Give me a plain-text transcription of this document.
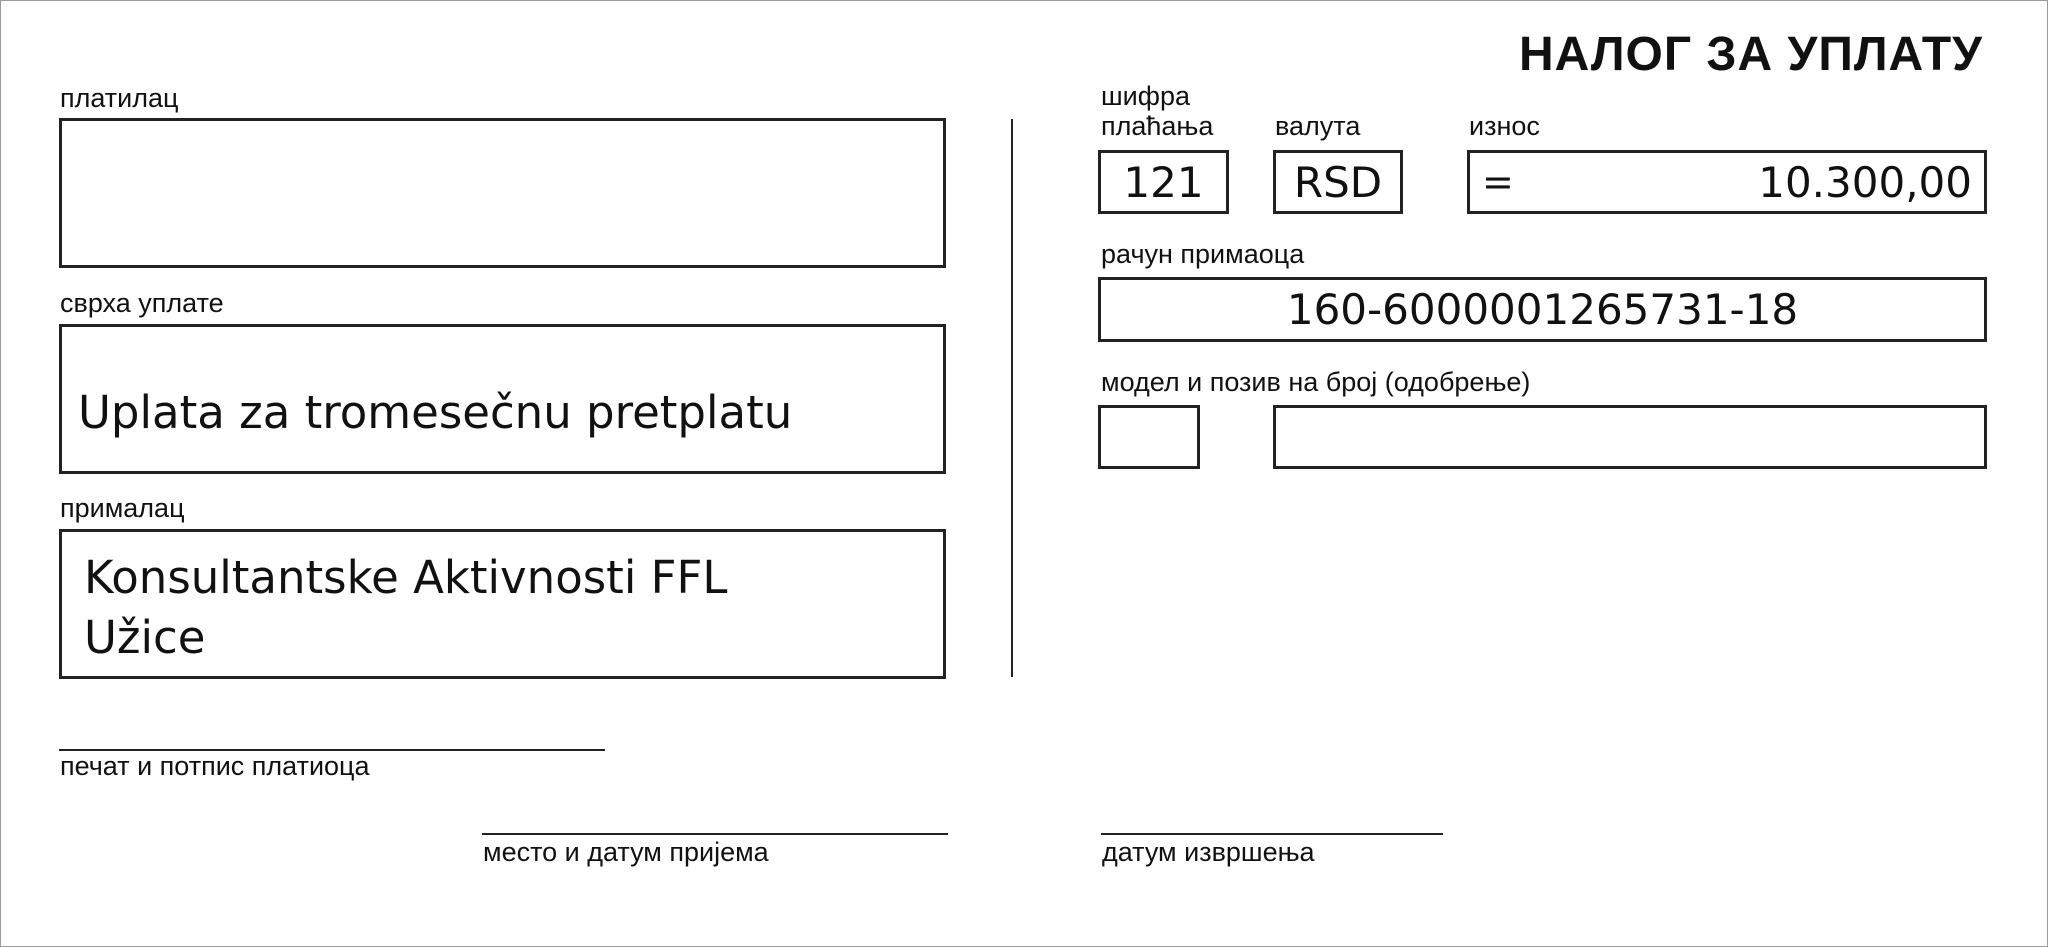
НАЛОГ ЗА УПЛАТУ
платилац
сврха уплате
Uplata za tromesečnu pretplatu
прималац
Konsultantske Aktivnosti FFL
Užice
печат и потпис платиоца
шифра
плаћања
121
валута
RSD
износ
=	10.300,00
рачун примаоца
160-6000001265731-18
модел и позив на број (одобрење)
место и датум пријема	датум извршења
